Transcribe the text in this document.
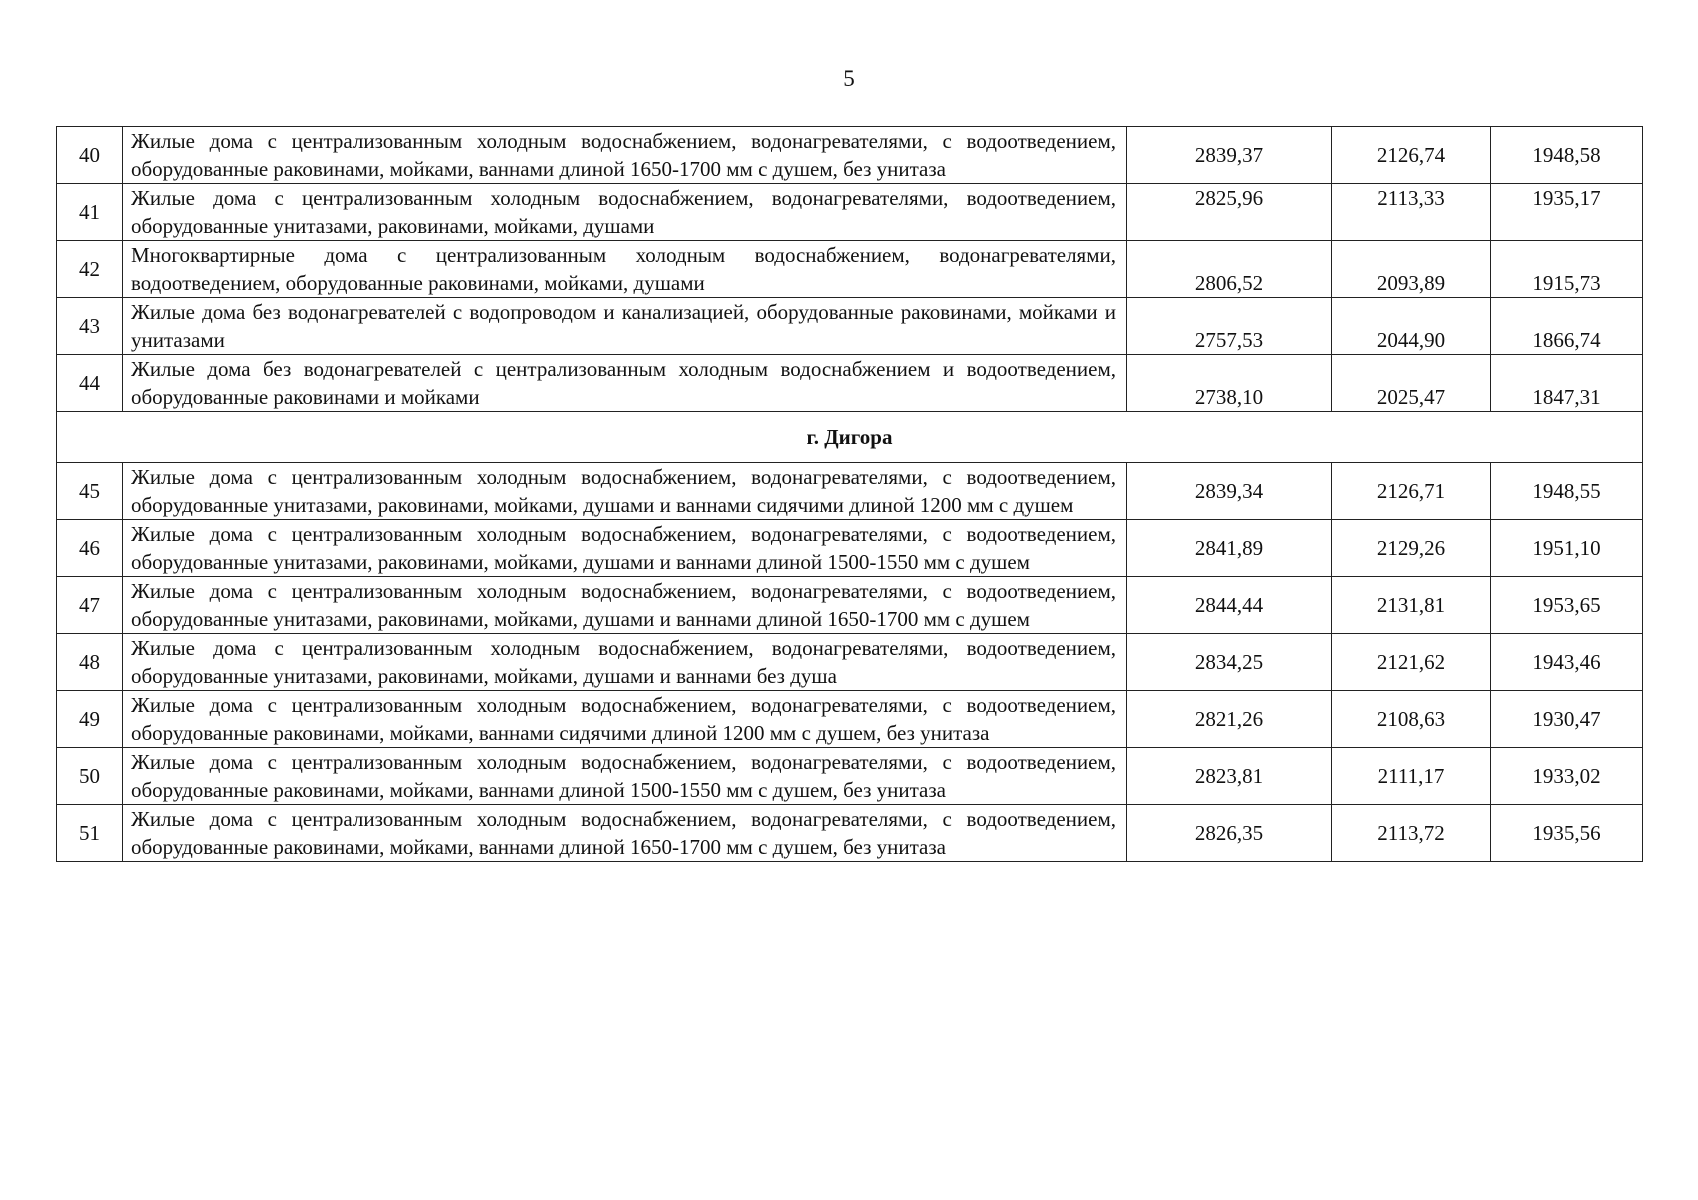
5
40	Жилые дома с централизованным холодным водоснабжением, водонагревателями, с водоотведением, оборудованные раковинами, мойками, ваннами длиной 1650-1700 мм с душем, без унитаза	2839,37	2126,74	1948,58
41	Жилые дома с централизованным холодным водоснабжением, водонагревателями, водоотведением, оборудованные унитазами, раковинами, мойками, душами	2825,96	2113,33	1935,17
42	Многоквартирные дома с централизованным холодным водоснабжением, водонагревателями, водоотведением, оборудованные раковинами, мойками, душами	2806,52	2093,89	1915,73
43	Жилые дома без водонагревателей с водопроводом и канализацией, оборудованные раковинами, мойками и унитазами	2757,53	2044,90	1866,74
44	Жилые дома без водонагревателей с централизованным холодным водоснабжением и водоотведением, оборудованные раковинами и мойками	2738,10	2025,47	1847,31
г. Дигора				
45	Жилые дома с централизованным холодным водоснабжением, водонагревателями, с водоотведением, оборудованные унитазами, раковинами, мойками, душами и ваннами сидячими длиной 1200 мм с душем	2839,34	2126,71	1948,55
46	Жилые дома с централизованным холодным водоснабжением, водонагревателями, с водоотведением, оборудованные унитазами, раковинами, мойками, душами и ваннами длиной 1500-1550 мм с душем	2841,89	2129,26	1951,10
47	Жилые дома с централизованным холодным водоснабжением, водонагревателями, с водоотведением, оборудованные унитазами, раковинами, мойками, душами и ваннами длиной 1650-1700 мм с душем	2844,44	2131,81	1953,65
48	Жилые дома с централизованным холодным водоснабжением, водонагревателями, водоотведением, оборудованные унитазами, раковинами, мойками, душами и ваннами без душа	2834,25	2121,62	1943,46
49	Жилые дома с централизованным холодным водоснабжением, водонагревателями, с водоотведением, оборудованные раковинами, мойками, ваннами сидячими длиной 1200 мм с душем, без унитаза	2821,26	2108,63	1930,47
50	Жилые дома с централизованным холодным водоснабжением, водонагревателями, с водоотведением, оборудованные раковинами, мойками, ваннами длиной 1500-1550 мм с душем, без унитаза	2823,81	2111,17	1933,02
51	Жилые дома с централизованным холодным водоснабжением, водонагревателями, с водоотведением, оборудованные раковинами, мойками, ваннами длиной 1650-1700 мм с душем, без унитаза	2826,35	2113,72	1935,56
